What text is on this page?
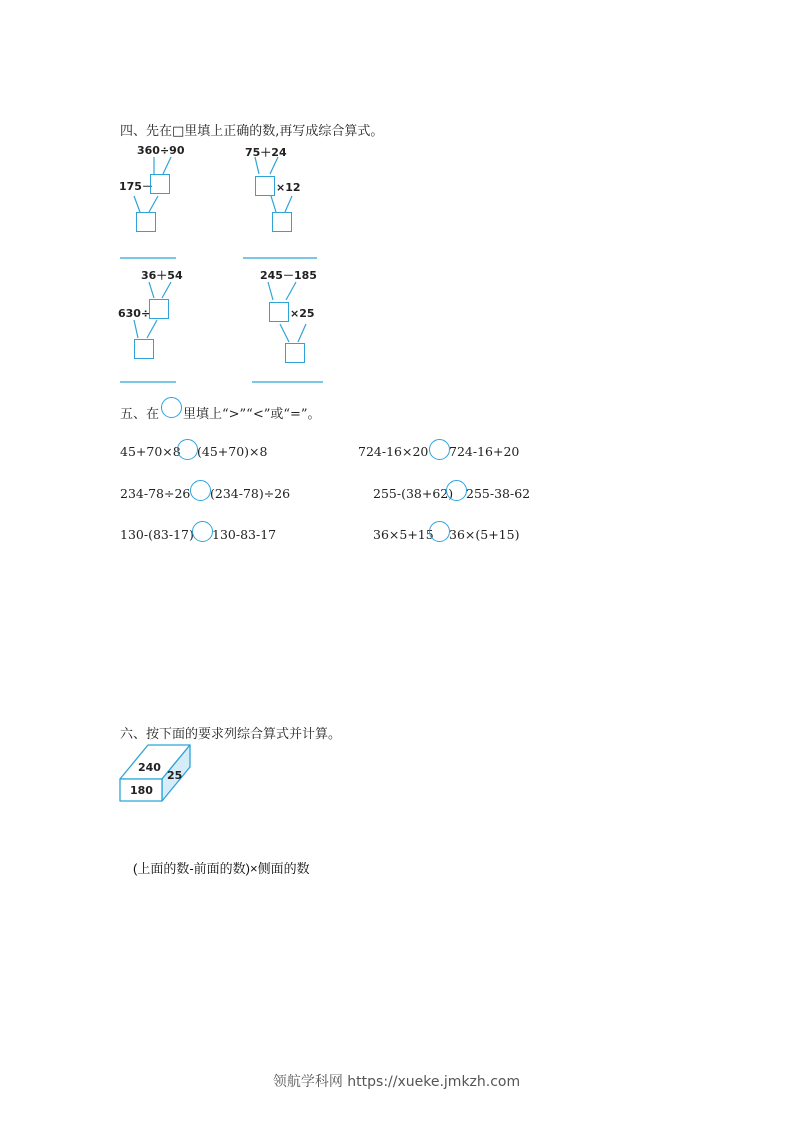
四、先在□里填上正确的数,再写成综合算式。
360÷90
175－
75＋24
×12
36＋54
630÷
245－185
×25
五、在 里填上“>”“<”或“=”。
45+70×8 (45+70)×8	724-16×20 724-16+20
234-78÷26 (234-78)÷26	255-(38+62) 255-38-62
130-(83-17) 130-83-17	36×5+15 36×(5+15)
六、按下面的要求列综合算式并计算。
240
25
180
(上面的数-前面的数)×侧面的数
领航学科网 https://xueke.jmkzh.com
